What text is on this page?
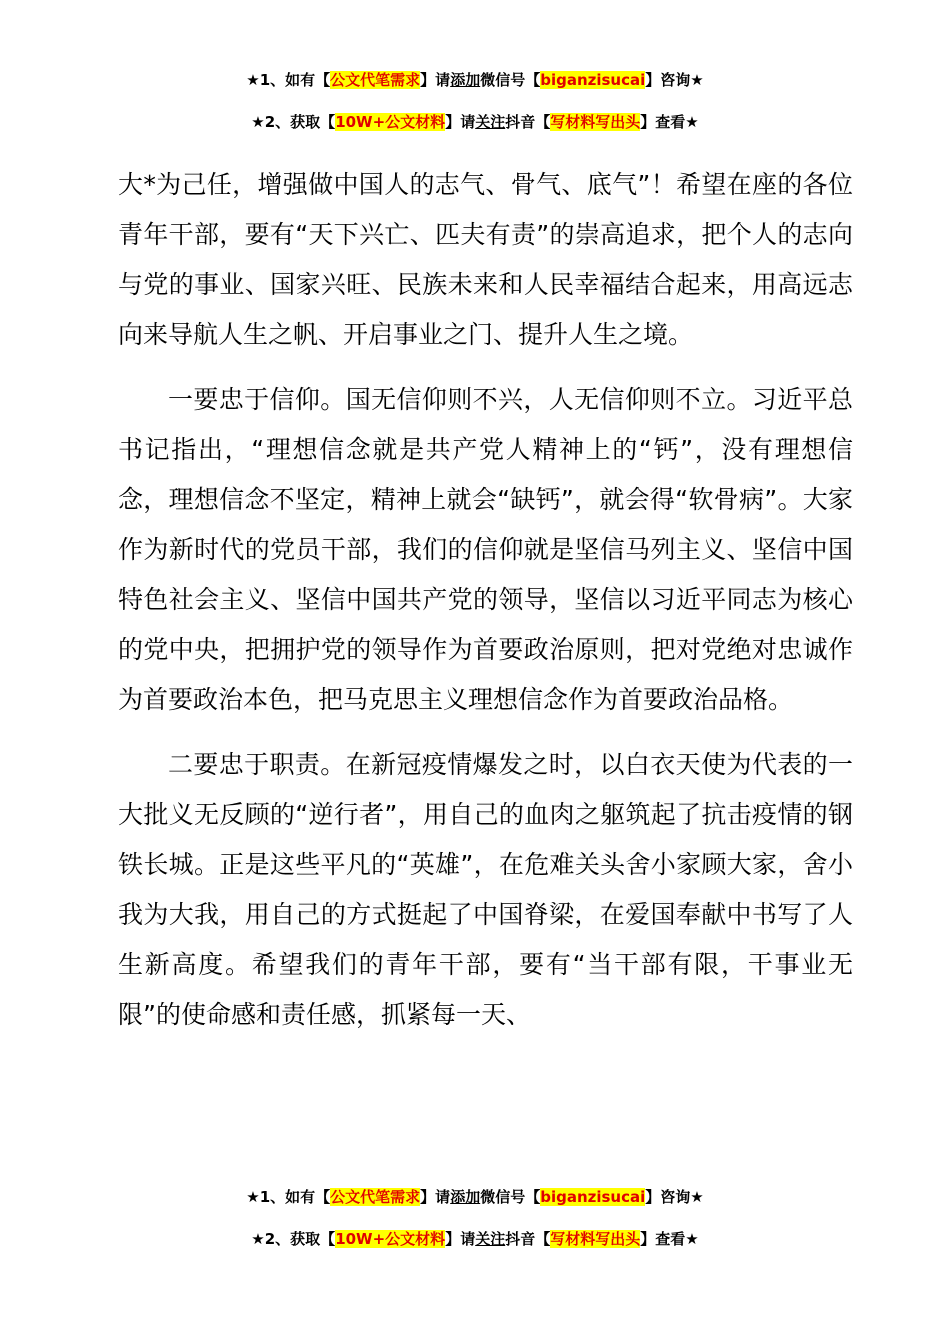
★1、如有【公文代笔需求】请添加微信号【biganzisucai】咨询★
★2、获取【10W+公文材料】请关注抖音【写材料写出头】查看★

大*为己任，增强做中国人的志气、骨气、底气”！希望在座的各位青年干部，要有“天下兴亡、匹夫有责”的崇高追求，把个人的志向与党的事业、国家兴旺、民族未来和人民幸福结合起来，用高远志向来导航人生之帆、开启事业之门、提升人生之境。

一要忠于信仰。国无信仰则不兴，人无信仰则不立。习近平总书记指出，“理想信念就是共产党人精神上的“钙”，没有理想信念，理想信念不坚定，精神上就会“缺钙”，就会得“软骨病”。大家作为新时代的党员干部，我们的信仰就是坚信马列主义、坚信中国特色社会主义、坚信中国共产党的领导，坚信以习近平同志为核心的党中央，把拥护党的领导作为首要政治原则，把对党绝对忠诚作为首要政治本色，把马克思主义理想信念作为首要政治品格。

二要忠于职责。在新冠疫情爆发之时，以白衣天使为代表的一大批义无反顾的“逆行者”，用自己的血肉之躯筑起了抗击疫情的钢铁长城。正是这些平凡的“英雄”，在危难关头舍小家顾大家，舍小我为大我，用自己的方式挺起了中国脊梁，在爱国奉献中书写了人生新高度。希望我们的青年干部，要有“当干部有限，干事业无限”的使命感和责任感，抓紧每一天、

★1、如有【公文代笔需求】请添加微信号【biganzisucai】咨询★
★2、获取【10W+公文材料】请关注抖音【写材料写出头】查看★
